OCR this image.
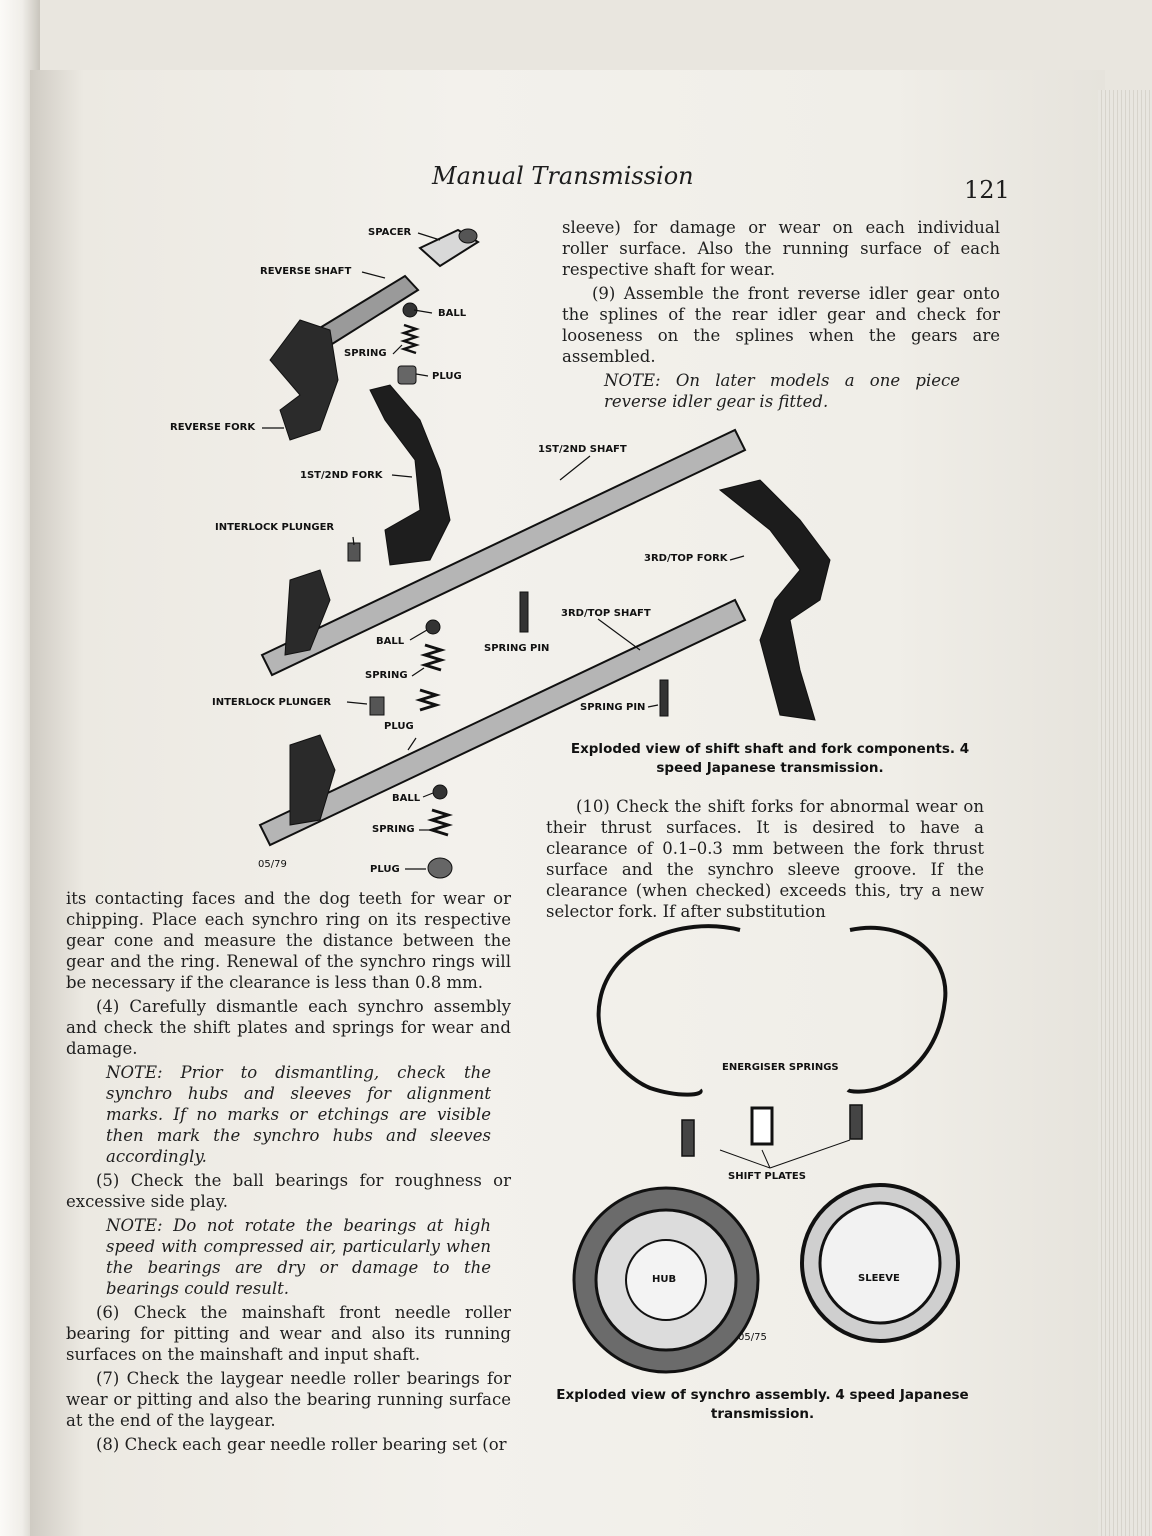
Manual Transmission	121
SPACER
REVERSE SHAFT
BALL
SPRING
PLUG
REVERSE FORK
1ST/2ND FORK
INTERLOCK PLUNGER
1ST/2ND SHAFT
3RD/TOP FORK
3RD/TOP SHAFT
BALL
SPRING PIN
SPRING
INTERLOCK PLUNGER
PLUG
SPRING PIN
BALL
SPRING
PLUG
05/79
Exploded view of shift shaft and fork components. 4 speed Japanese transmission.

sleeve) for damage or wear on each individual roller surface. Also the running surface of each respective shaft for wear.

(9) Assemble the front reverse idler gear onto the splines of the rear idler gear and check for looseness on the splines when the gears are assembled.

NOTE: On later models a one piece reverse idler gear is fitted.

(10) Check the shift forks for abnormal wear on their thrust surfaces. It is desired to have a clearance of 0.1–0.3 mm between the fork thrust surface and the synchro sleeve groove. If the clearance (when checked) exceeds this, try a new selector fork. If after substitution

ENERGISER SPRINGS
SHIFT PLATES
HUB	SLEEVE
05/75
Exploded view of synchro assembly. 4 speed Japanese transmission.

its contacting faces and the dog teeth for wear or chipping. Place each synchro ring on its respective gear cone and measure the distance between the gear and the ring. Renewal of the synchro rings will be necessary if the clearance is less than 0.8 mm.

(4) Carefully dismantle each synchro assembly and check the shift plates and springs for wear and damage.

NOTE: Prior to dismantling, check the synchro hubs and sleeves for alignment marks. If no marks or etchings are visible then mark the synchro hubs and sleeves accordingly.

(5) Check the ball bearings for roughness or excessive side play.

NOTE: Do not rotate the bearings at high speed with compressed air, particularly when the bearings are dry or damage to the bearings could result.

(6) Check the mainshaft front needle roller bearing for pitting and wear and also its running surfaces on the mainshaft and input shaft.

(7) Check the laygear needle roller bearings for wear or pitting and also the bearing running surface at the end of the laygear.

(8) Check each gear needle roller bearing set (or
